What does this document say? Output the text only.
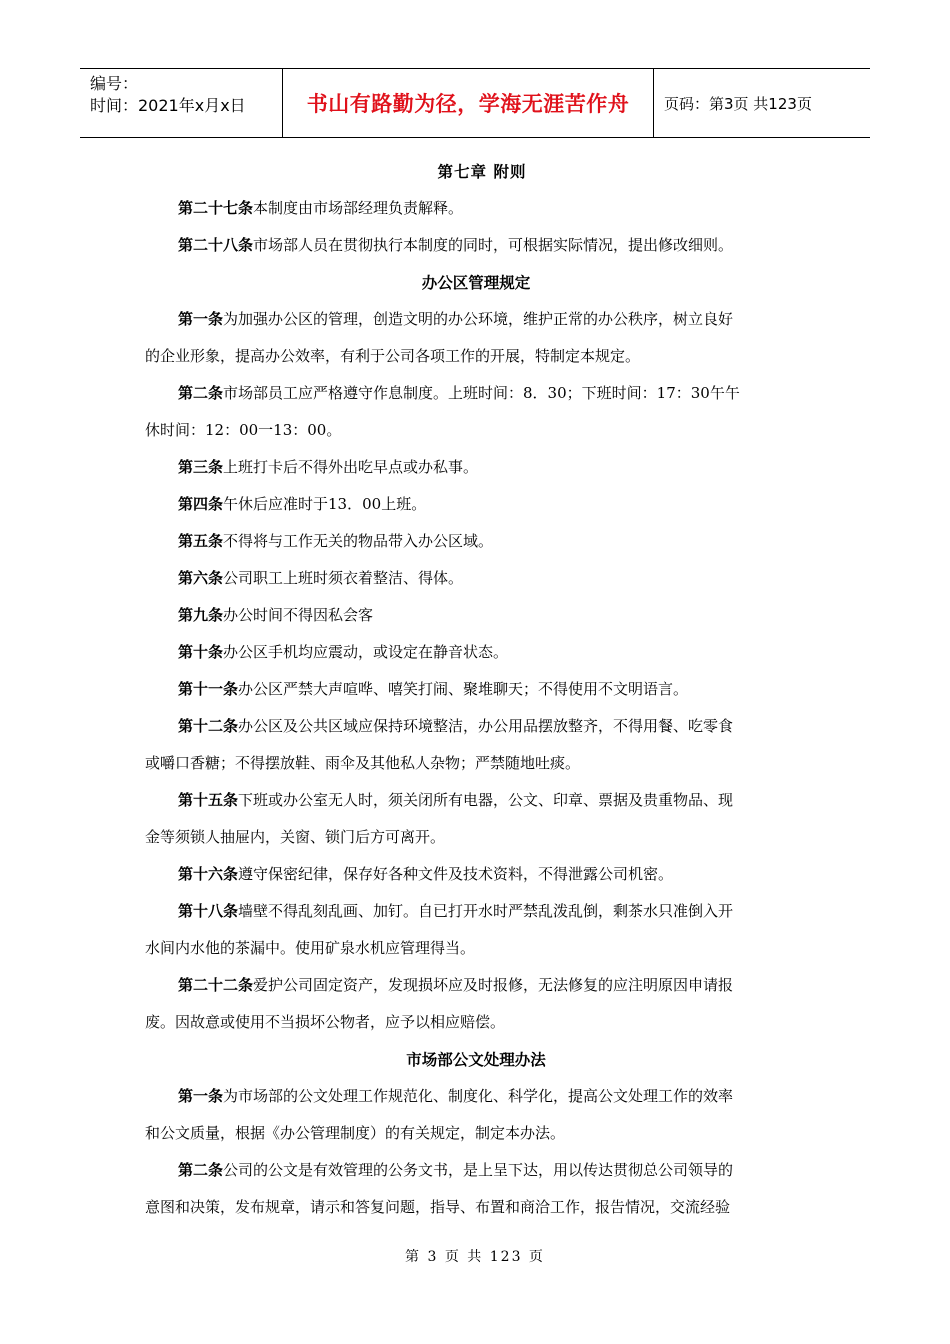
编号：
时间：2021年x月x日	书山有路勤为径，学海无涯苦作舟	页码：第3页 共123页
第七章 附则
第二十七条本制度由市场部经理负责解释。
第二十八条市场部人员在贯彻执行本制度的同时，可根据实际情况，提出修改细则。
办公区管理规定
第一条为加强办公区的管理，创造文明的办公环境，维护正常的办公秩序，树立良好
的企业形象，提高办公效率，有利于公司各项工作的开展，特制定本规定。
第二条市场部员工应严格遵守作息制度。上班时间：8．30；下班时间：17：30午午
休时间：12：00一13：00。
第三条上班打卡后不得外出吃早点或办私事。
第四条午休后应准时于13．00上班。
第五条不得将与工作无关的物品带入办公区域。
第六条公司职工上班时须衣着整洁、得体。
第九条办公时间不得因私会客
第十条办公区手机均应震动，或设定在静音状态。
第十一条办公区严禁大声喧哗、嘻笑打闹、聚堆聊天；不得使用不文明语言。
第十二条办公区及公共区域应保持环境整洁，办公用品摆放整齐，不得用餐、吃零食
或嚼口香糖；不得摆放鞋、雨伞及其他私人杂物；严禁随地吐痰。
第十五条下班或办公室无人时，须关闭所有电器，公文、印章、票据及贵重物品、现
金等须锁人抽屉内，关窗、锁门后方可离开。
第十六条遵守保密纪律，保存好各种文件及技术资料，不得泄露公司机密。
第十八条墙壁不得乱刻乱画、加钉。自已打开水时严禁乱泼乱倒，剩茶水只准倒入开
水间内水他的茶漏中。使用矿泉水机应管理得当。
第二十二条爱护公司固定资产，发现损坏应及时报修，无法修复的应注明原因申请报
废。因故意或使用不当损坏公物者，应予以相应赔偿。
市场部公文处理办法
第一条为市场部的公文处理工作规范化、制度化、科学化，提高公文处理工作的效率
和公文质量，根据《办公管理制度）的有关规定，制定本办法。
第二条公司的公文是有效管理的公务文书，是上呈下达，用以传达贯彻总公司领导的
意图和决策，发布规章，请示和答复问题，指导、布置和商洽工作，报告情况，交流经验
第 3 页 共 123 页
